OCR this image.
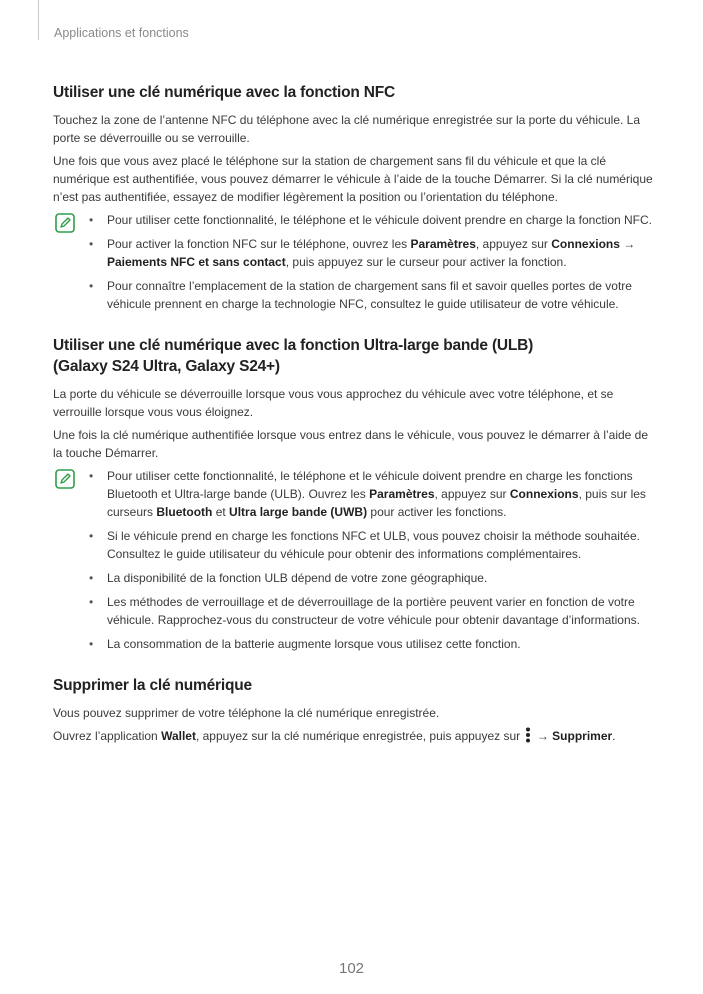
Applications et fonctions
Utiliser une clé numérique avec la fonction NFC

Touchez la zone de l’antenne NFC du téléphone avec la clé numérique enregistrée sur la porte du véhicule. La porte se déverrouille ou se verrouille.

Une fois que vous avez placé le téléphone sur la station de chargement sans fil du véhicule et que la clé numérique est authentifiée, vous pouvez démarrer le véhicule à l’aide de la touche Démarrer. Si la clé numérique n’est pas authentifiée, essayez de modifier légèrement la position ou l’orientation du téléphone.

• Pour utiliser cette fonctionnalité, le téléphone et le véhicule doivent prendre en charge la fonction NFC.
• Pour activer la fonction NFC sur le téléphone, ouvrez les Paramètres, appuyez sur Connexions → Paiements NFC et sans contact, puis appuyez sur le curseur pour activer la fonction.
• Pour connaître l’emplacement de la station de chargement sans fil et savoir quelles portes de votre véhicule prennent en charge la technologie NFC, consultez le guide utilisateur de votre véhicule.
Utiliser une clé numérique avec la fonction Ultra-large bande (ULB)
(Galaxy S24 Ultra, Galaxy S24+)

La porte du véhicule se déverrouille lorsque vous vous approchez du véhicule avec votre téléphone, et se verrouille lorsque vous vous éloignez.

Une fois la clé numérique authentifiée lorsque vous entrez dans le véhicule, vous pouvez le démarrer à l’aide de la touche Démarrer.

• Pour utiliser cette fonctionnalité, le téléphone et le véhicule doivent prendre en charge les fonctions Bluetooth et Ultra-large bande (ULB). Ouvrez les Paramètres, appuyez sur Connexions, puis sur les curseurs Bluetooth et Ultra large bande (UWB) pour activer les fonctions.
• Si le véhicule prend en charge les fonctions NFC et ULB, vous pouvez choisir la méthode souhaitée. Consultez le guide utilisateur du véhicule pour obtenir des informations complémentaires.
• La disponibilité de la fonction ULB dépend de votre zone géographique.
• Les méthodes de verrouillage et de déverrouillage de la portière peuvent varier en fonction de votre véhicule. Rapprochez-vous du constructeur de votre véhicule pour obtenir davantage d’informations.
• La consommation de la batterie augmente lorsque vous utilisez cette fonction.
Supprimer la clé numérique

Vous pouvez supprimer de votre téléphone la clé numérique enregistrée.

Ouvrez l’application Wallet, appuyez sur la clé numérique enregistrée, puis appuyez sur  → Supprimer.

102
